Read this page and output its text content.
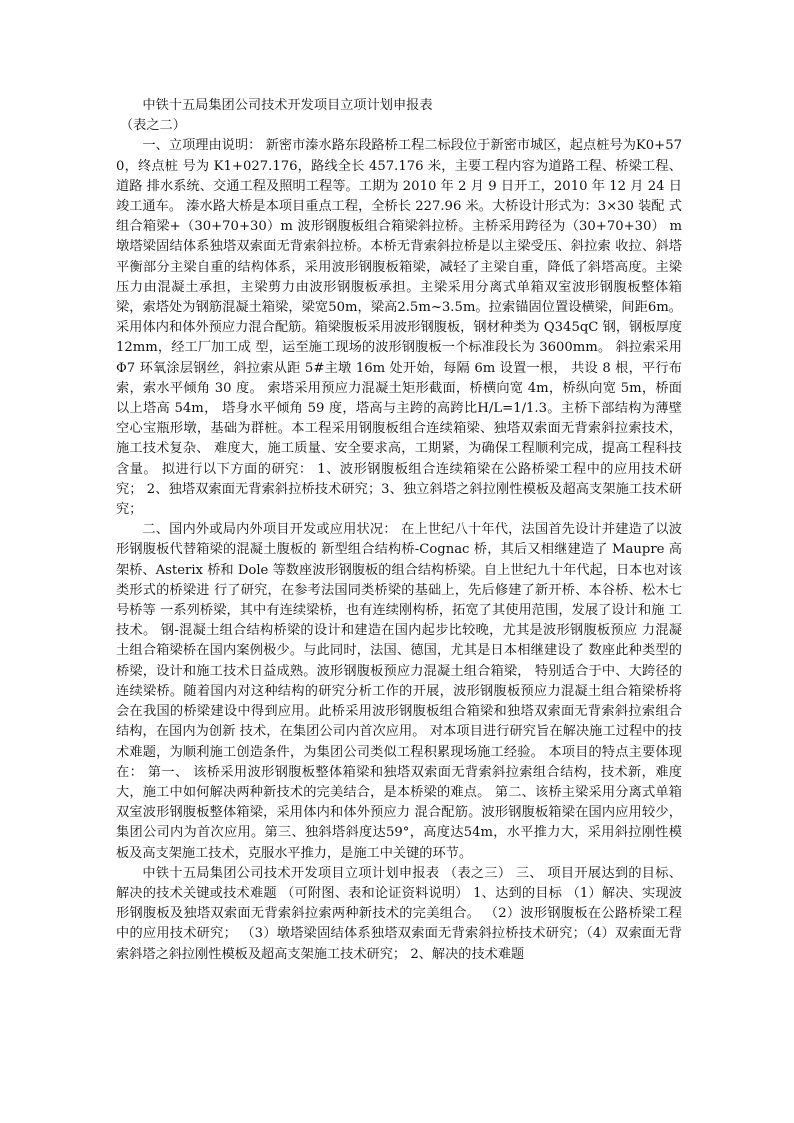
中铁十五局集团公司技术开发项目立项计划申报表

（表之二）

一、立项理由说明： 新密市溱水路东段路桥工程二标段位于新密市城区，起点桩号为K0+570，终点桩 号为 K1+027.176，路线全长 457.176 米，主要工程内容为道路工程、桥梁工程、道路 排水系统、交通工程及照明工程等。工期为 2010 年 2 月 9 日开工，2010 年 12 月 24 日 竣工通车。 溱水路大桥是本项目重点工程，全桥长 227.96 米。大桥设计形式为：3×30 装配 式组合箱梁+（30+70+30）m 波形钢腹板组合箱梁斜拉桥。主桥采用跨径为（30+70+30） m 墩塔梁固结体系独塔双索面无背索斜拉桥。本桥无背索斜拉桥是以主梁受压、斜拉索 收拉、斜塔平衡部分主梁自重的结构体系，采用波形钢腹板箱梁，减轻了主梁自重，降低了斜塔高度。主梁压力由混凝土承担，主梁剪力由波形钢腹板承担。主梁采用分离式单箱双室波形钢腹板整体箱梁，索塔处为钢筋混凝土箱梁，梁宽50m，梁高2.5m~3.5m。拉索锚固位置设横梁，间距6m。采用体内和体外预应力混合配筋。箱梁腹板采用波形钢腹板，钢材种类为 Q345qC 钢，钢板厚度 12mm，经工厂加工成 型，运至施工现场的波形钢腹板一个标准段长为 3600mm。 斜拉索采用Φ7 环氧涂层钢丝，斜拉索从距 5#主墩 16m 处开始，每隔 6m 设置一根， 共设 8 根，平行布索，索水平倾角 30 度。 索塔采用预应力混凝土矩形截面，桥横向宽 4m，桥纵向宽 5m，桥面以上塔高 54m， 塔身水平倾角 59 度，塔高与主跨的高跨比H/L=1/1.3。主桥下部结构为薄壁空心宝瓶形墩，基础为群桩。本工程采用钢腹板组合连续箱梁、独塔双索面无背索斜拉索技术，施工技术复杂、 难度大，施工质量、安全要求高，工期紧，为确保工程顺利完成，提高工程科技含量。 拟进行以下方面的研究： 1、波形钢腹板组合连续箱梁在公路桥梁工程中的应用技术研究； 2、独塔双索面无背索斜拉桥技术研究；3、独立斜塔之斜拉刚性模板及超高支架施工技术研究；

二、国内外或局内外项目开发或应用状况： 在上世纪八十年代，法国首先设计并建造了以波形钢腹板代替箱梁的混凝土腹板的 新型组合结构桥-Cognac 桥，其后又相继建造了 Maupre 高架桥、Asterix 桥和 Dole 等数座波形钢腹板的组合结构桥梁。自上世纪九十年代起，日本也对该类形式的桥梁进 行了研究，在参考法国同类桥梁的基础上，先后修建了新开桥、本谷桥、松木七号桥等 一系列桥梁，其中有连续梁桥，也有连续刚构桥，拓宽了其使用范围，发展了设计和施 工技术。 钢-混凝土组合结构桥梁的设计和建造在国内起步比较晚，尤其是波形钢腹板预应 力混凝土组合箱梁桥在国内案例极少。与此同时，法国、德国，尤其是日本相继建设了 数座此种类型的桥梁，设计和施工技术日益成熟。波形钢腹板预应力混凝土组合箱梁， 特别适合于中、大跨径的连续梁桥。随着国内对这种结构的研究分析工作的开展，波形钢腹板预应力混凝土组合箱梁桥将会在我国的桥梁建设中得到应用。此桥采用波形钢腹板组合箱梁和独塔双索面无背索斜拉索组合结构，在国内为创新 技术，在集团公司内首次应用。 对本项目进行研究旨在解决施工过程中的技术难题，为顺利施工创造条件，为集团公司类似工程积累现场施工经验。 本项目的特点主要体现在： 第一、 该桥采用波形钢腹板整体箱梁和独塔双索面无背索斜拉索组合结构，技术新，难度大，施工中如何解决两种新技术的完美结合，是本桥梁的难点。 第二、该桥主梁采用分离式单箱双室波形钢腹板整体箱梁，采用体内和体外预应力 混合配筋。波形钢腹板箱梁在国内应用较少，集团公司内为首次应用。第三、独斜塔斜度达59°，高度达54m，水平推力大，采用斜拉刚性模板及高支架施工技术，克服水平推力，是施工中关键的环节。

中铁十五局集团公司技术开发项目立项计划申报表 （表之三） 三、 项目开展达到的目标、解决的技术关键或技术难题 （可附图、表和论证资料说明） 1、达到的目标 （1）解决、实现波形钢腹板及独塔双索面无背索斜拉索两种新技术的完美组合。 （2）波形钢腹板在公路桥梁工程中的应用技术研究； （3）墩塔梁固结体系独塔双索面无背索斜拉桥技术研究；（4）双索面无背索斜塔之斜拉刚性模板及超高支架施工技术研究； 2、解决的技术难题
